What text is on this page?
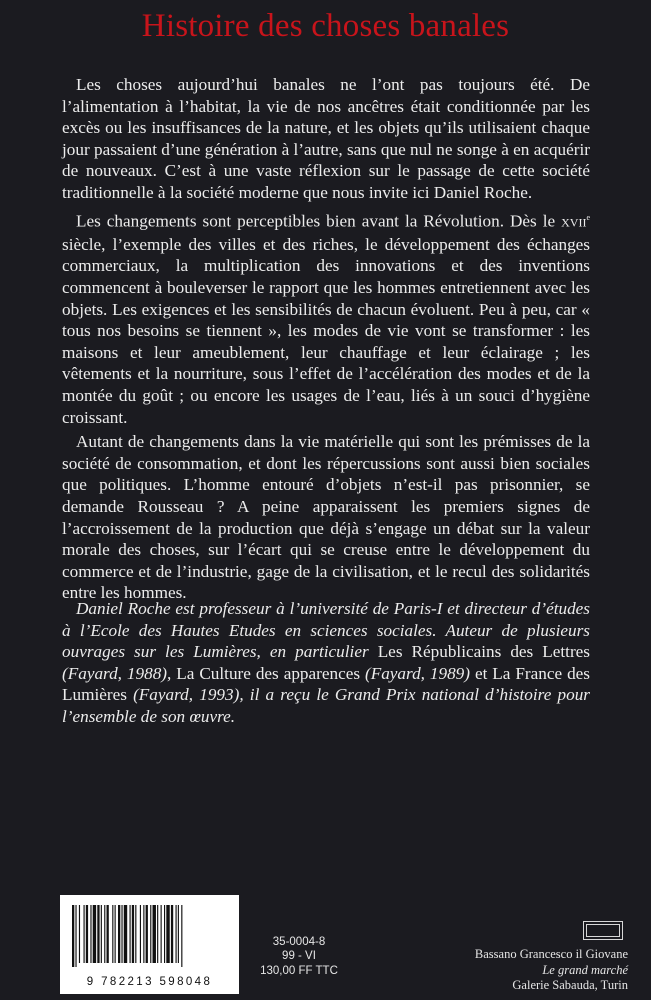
Histoire des choses banales

Les choses aujourd’hui banales ne l’ont pas toujours été. De l’alimentation à l’habitat, la vie de nos ancêtres était conditionnée par les excès ou les insuffisances de la nature, et les objets qu’ils utilisaient chaque jour passaient d’une génération à l’autre, sans que nul ne songe à en acquérir de nouveaux. C’est à une vaste réflexion sur le passage de cette société traditionnelle à la société moderne que nous invite ici Daniel Roche.

Les changements sont perceptibles bien avant la Révolution. Dès le XVIIe siècle, l’exemple des villes et des riches, le développement des échanges commerciaux, la multiplication des innovations et des inventions commencent à bouleverser le rapport que les hommes entretiennent avec les objets. Les exigences et les sensibilités de chacun évoluent. Peu à peu, car « tous nos besoins se tiennent », les modes de vie vont se transformer : les maisons et leur ameublement, leur chauffage et leur éclairage ; les vêtements et la nourriture, sous l’effet de l’accélération des modes et de la montée du goût ; ou encore les usages de l’eau, liés à un souci d’hygiène croissant.

Autant de changements dans la vie matérielle qui sont les prémisses de la société de consommation, et dont les répercussions sont aussi bien sociales que politiques. L’homme entouré d’objets n’est-il pas prisonnier, se demande Rousseau ? A peine apparaissent les premiers signes de l’accroissement de la production que déjà s’engage un débat sur la valeur morale des choses, sur l’écart qui se creuse entre le développement du commerce et de l’industrie, gage de la civilisation, et le recul des solidarités entre les hommes.

Daniel Roche est professeur à l’université de Paris-I et directeur d’études à l’Ecole des Hautes Etudes en sciences sociales. Auteur de plusieurs ouvrages sur les Lumières, en particulier Les Républicains des Lettres (Fayard, 1988), La Culture des apparences (Fayard, 1989) et La France des Lumières (Fayard, 1993), il a reçu le Grand Prix national d’histoire pour l’ensemble de son œuvre.

9 782213 598048
35-0004-8
99 - VI
130,00 FF TTC
Bassano Grancesco il Giovane
Le grand marché
Galerie Sabauda, Turin
